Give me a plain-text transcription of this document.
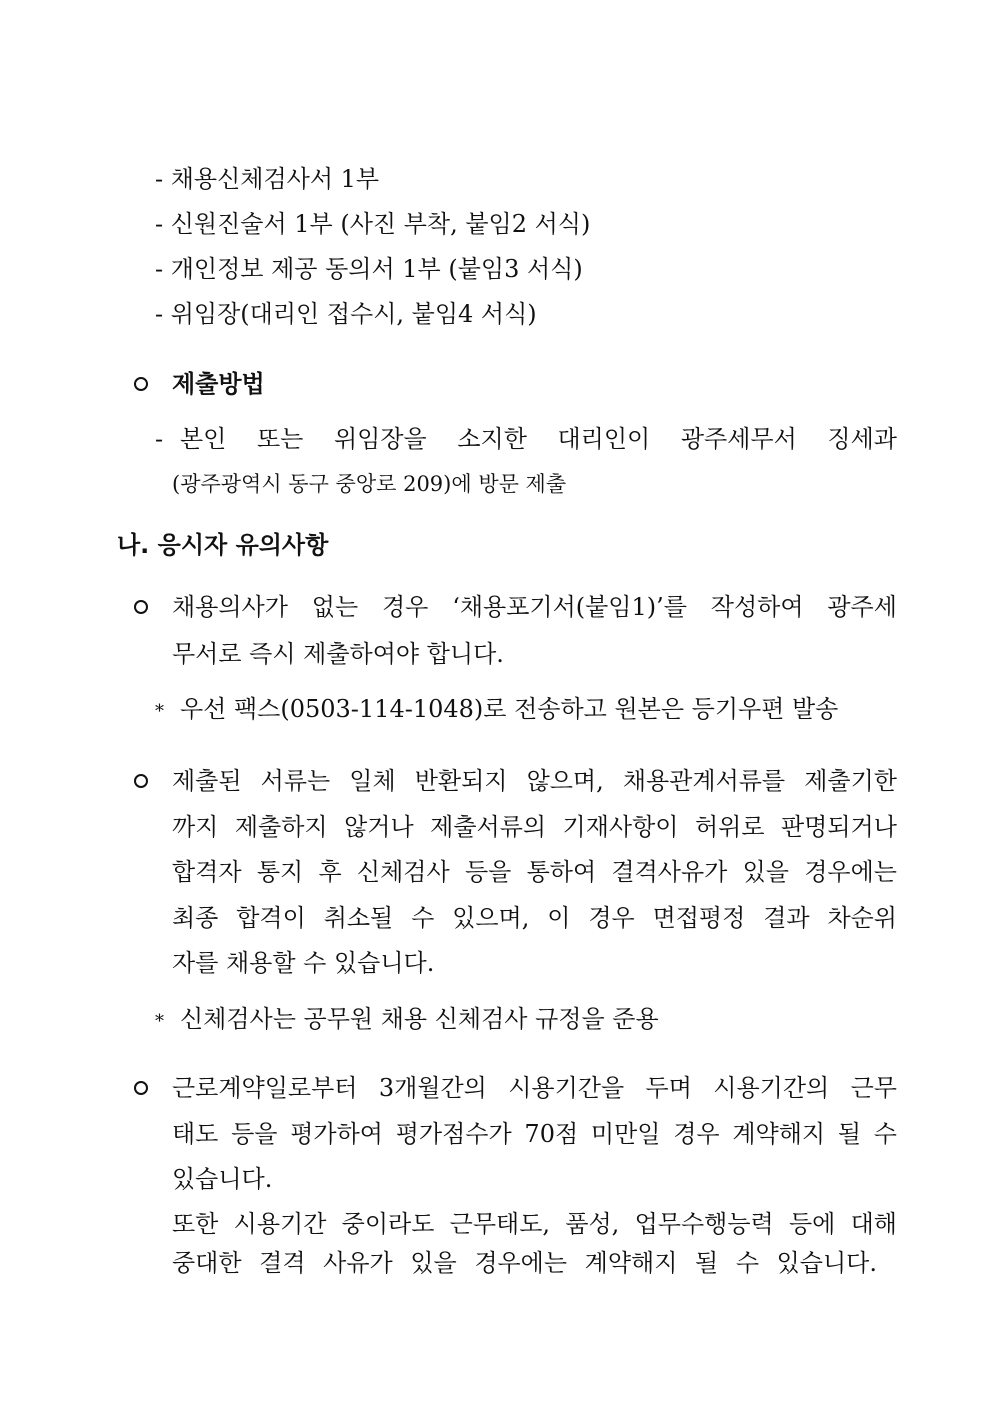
- 채용신체검사서 1부
- 신원진술서 1부 (사진 부착, 붙임2 서식)
- 개인정보 제공 동의서 1부 (붙임3 서식)
- 위임장(대리인 접수시, 붙임4 서식)
제출방법
- 본인 또는 위임장을 소지한 대리인이 광주세무서 징세과
(광주광역시 동구 중앙로 209)에 방문 제출
나. 응시자 유의사항
채용의사가 없는 경우 ‘채용포기서(붙임1)’를 작성하여 광주세
무서로 즉시 제출하여야 합니다.
* 우선 팩스(0503-114-1048)로 전송하고 원본은 등기우편 발송
제출된 서류는 일체 반환되지 않으며, 채용관계서류를 제출기한
까지 제출하지 않거나 제출서류의 기재사항이 허위로 판명되거나
합격자 통지 후 신체검사 등을 통하여 결격사유가 있을 경우에는
최종 합격이 취소될 수 있으며, 이 경우 면접평정 결과 차순위
자를 채용할 수 있습니다.
* 신체검사는 공무원 채용 신체검사 규정을 준용
근로계약일로부터 3개월간의 시용기간을 두며 시용기간의 근무
태도 등을 평가하여 평가점수가 70점 미만일 경우 계약해지 될 수
있습니다.
또한 시용기간 중이라도 근무태도, 품성, 업무수행능력 등에 대해
중대한 결격 사유가 있을 경우에는 계약해지 될 수 있습니다.
